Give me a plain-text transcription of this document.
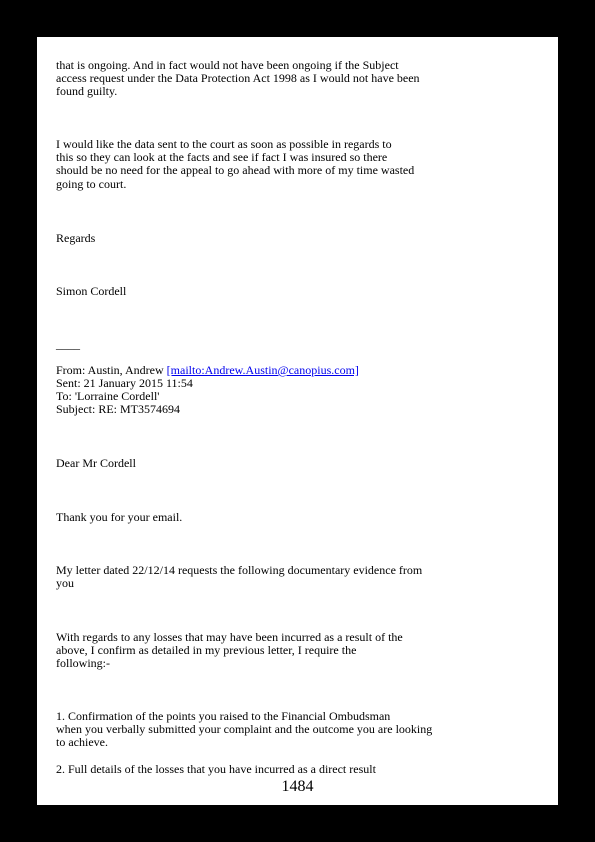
that is ongoing. And in fact would not have been ongoing if the Subject
access request under the Data Protection Act 1998 as I would not have been
found guilty.
I would like the data sent to the court as soon as possible in regards to
this so they can look at the facts and see if fact I was insured so there
should be no need for the appeal to go ahead with more of my time wasted
going to court.
Regards
Simon Cordell
____
From: Austin, Andrew [mailto:Andrew.Austin@canopius.com]
Sent: 21 January 2015 11:54
To: 'Lorraine Cordell'
Subject: RE: MT3574694
Dear Mr Cordell
Thank you for your email.
My letter dated 22/12/14 requests the following documentary evidence from
you
With regards to any losses that may have been incurred as a result of the
above, I confirm as detailed in my previous letter, I require the
following:-
1. Confirmation of the points you raised to the Financial Ombudsman
when you verbally submitted your complaint and the outcome you are looking
to achieve.
2. Full details of the losses that you have incurred as a direct result
1484
